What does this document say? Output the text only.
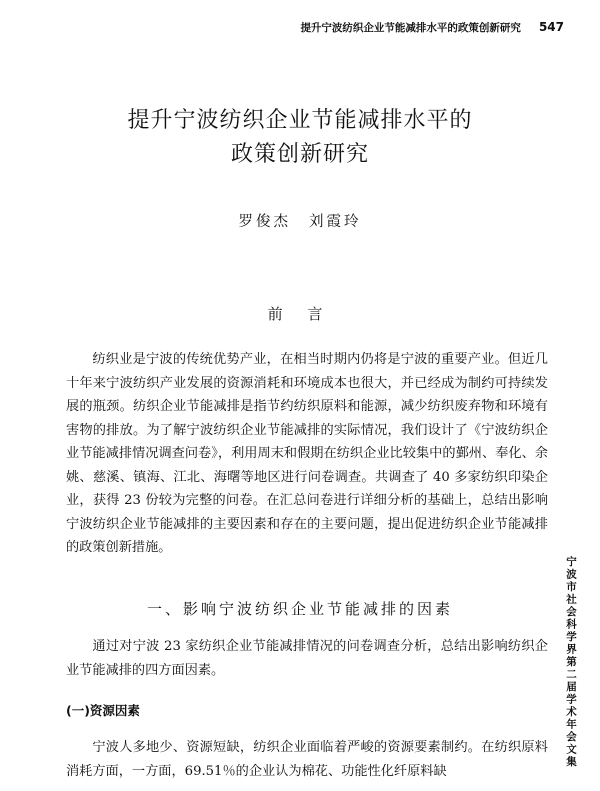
提升宁波纺织企业节能减排水平的政策创新研究 547
提升宁波纺织企业节能减排水平的
政策创新研究
罗俊杰 刘霞玲
前 言

纺织业是宁波的传统优势产业，在相当时期内仍将是宁波的重要产业。但近几十年来宁波纺织产业发展的资源消耗和环境成本也很大，并已经成为制约可持续发展的瓶颈。纺织企业节能减排是指节约纺织原料和能源，减少纺织废弃物和环境有害物的排放。为了解宁波纺织企业节能减排的实际情况，我们设计了《宁波纺织企业节能减排情况调查问卷》，利用周末和假期在纺织企业比较集中的鄞州、奉化、余姚、慈溪、镇海、江北、海曙等地区进行问卷调查。共调查了 40 多家纺织印染企业，获得 23 份较为完整的问卷。在汇总问卷进行详细分析的基础上，总结出影响宁波纺织企业节能减排的主要因素和存在的主要问题，提出促进纺织企业节能减排的政策创新措施。

一、影响宁波纺织企业节能减排的因素

通过对宁波 23 家纺织企业节能减排情况的问卷调查分析，总结出影响纺织企业节能减排的四方面因素。

(一)资源因素

宁波人多地少、资源短缺，纺织企业面临着严峻的资源要素制约。在纺织原料消耗方面，一方面，69.51％的企业认为棉花、功能性化纤原料缺

宁波市社会科学界第二届学术年会文集
